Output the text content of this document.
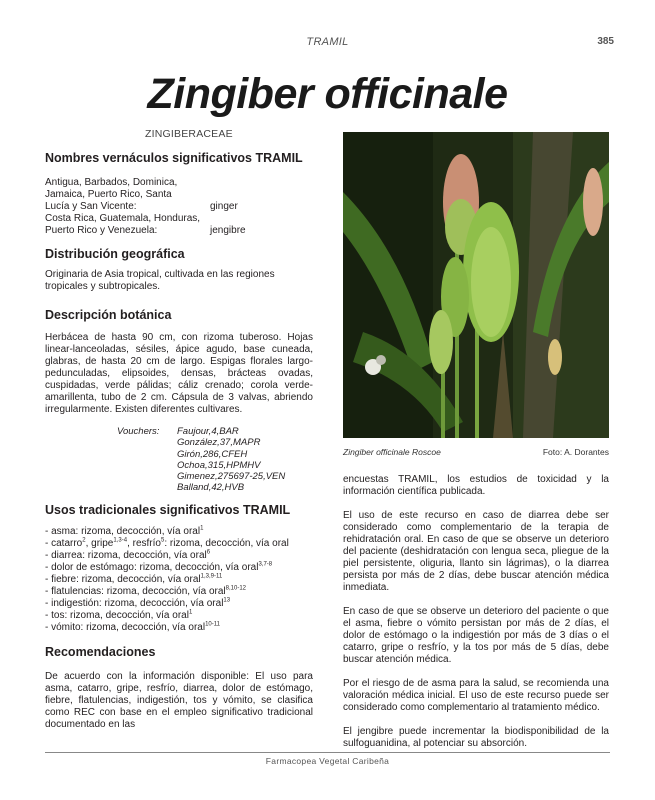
TRAMIL	385
Zingiber officinale
ZINGIBERACEAE
Nombres vernáculos significativos TRAMIL
Antigua, Barbados, Dominica,
Jamaica, Puerto Rico, Santa
Lucía y San Vicente:	ginger
Costa Rica, Guatemala, Honduras,
Puerto Rico y Venezuela:	jengibre
Distribución geográfica

Originaria de Asia tropical, cultivada en las regiones tropicales y subtropicales.

Descripción botánica

Herbácea de hasta 90 cm, con rizoma tuberoso. Hojas linear-lanceoladas, sésiles, ápice agudo, base cuneada, glabras, de hasta 20 cm de largo. Espigas florales largo-pedunculadas, elipsoides, densas, brácteas ovadas, cuspidadas, verde pálidas; cáliz crenado; corola verde-amarillenta, tubo de 2 cm. Cápsula de 3 valvas, abriendo irregularmente. Existen diferentes cultivares.

Vouchers:	Faujour,4,BAR
González,37,MAPR
Girón,286,CFEH
Ochoa,315,HPMHV
Gimenez,275697-25,VEN
Balland,42,HVB
Usos tradicionales significativos TRAMIL
- asma: rizoma, decocción, vía oral$^1$
- catarro$^2$, gripe$^{1,3-4}$, resfrío$^5$: rizoma, decocción, vía oral
- diarrea: rizoma, decocción, vía oral$^6$
- dolor de estómago: rizoma, decocción, vía oral$^{3,7-8}$
- fiebre: rizoma, decocción, vía oral$^{1,3,9-11}$
- flatulencias: rizoma, decocción, vía oral$^{8,10-12}$
- indigestión: rizoma, decocción, vía oral$^{13}$
- tos: rizoma, decocción, vía oral$^1$
- vómito: rizoma, decocción, vía oral$^{10-11}$
Recomendaciones

De acuerdo con la información disponible: El uso para asma, catarro, gripe, resfrío, diarrea, dolor de estómago, fiebre, flatulencias, indigestión, tos y vómito, se clasifica como REC con base en el empleo significativo tradicional documentado en las

Zingiber officinale Roscoe	Foto: A. Dorantes

encuestas TRAMIL, los estudios de toxicidad y la información científica publicada.

El uso de este recurso en caso de diarrea debe ser considerado como complementario de la terapia de rehidratación oral. En caso de que se observe un deterioro del paciente (deshidratación con lengua seca, pliegue de la piel persistente, oliguria, llanto sin lágrimas), o la diarrea persista por más de 2 días, debe buscar atención médica inmediata.

En caso de que se observe un deterioro del paciente o que el asma, fiebre o vómito persistan por más de 2 días, el dolor de estómago o la indigestión por más de 3 días o el catarro, gripe o resfrío, y la tos por más de 5 días, debe buscar atención médica.

Por el riesgo de de asma para la salud, se recomienda una valoración médica inicial. El uso de este recurso puede ser considerado como complementario al tratamiento médico.

El jengibre puede incrementar la biodisponibilidad de la sulfoguanidina, al potenciar su absorción.

Farmacopea Vegetal Caribeña
